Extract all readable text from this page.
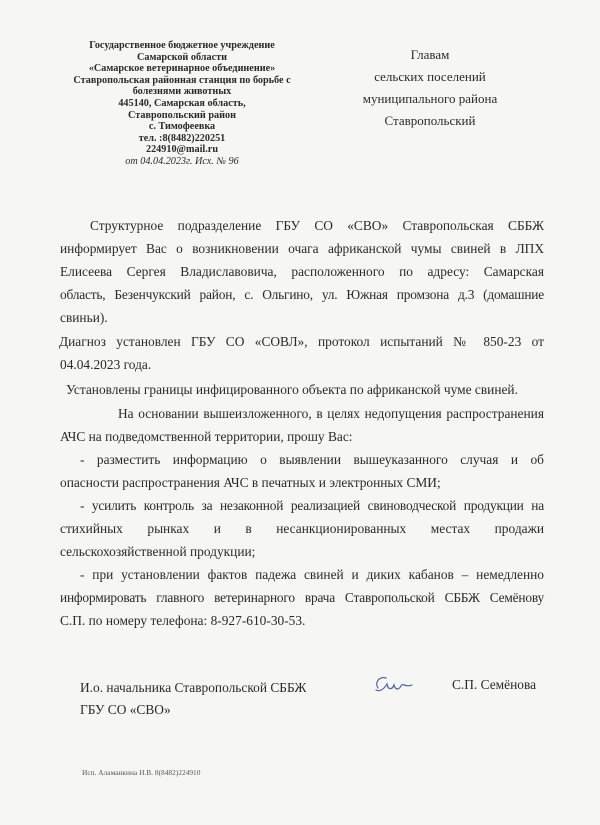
Государственное бюджетное учреждение
Самарской области
«Самарское ветеринарное объединение»
Ставропольская районная станция по борьбе с
болезнями животных
445140, Самарская область,
Ставропольский район
с. Тимофеевка
тел. :8(8482)220251
224910@mail.ru
от 04.04.2023г. Исх. № 96
Главам
сельских поселений
муниципального района
Ставропольский
Структурное подразделение ГБУ СО «СВО» Ставропольская СББЖ
информирует Вас о возникновении очага африканской чумы свиней в ЛПХ
Елисеева Сергея Владиславовича, расположенного по адресу: Самарская
область, Безенчукский район, с. Ольгино, ул. Южная промзона д.3 (домашние
свиньи).
Диагноз установлен ГБУ СО «СОВЛ», протокол испытаний № 850-23 от
04.04.2023 года.
Установлены границы инфицированного объекта по африканской чуме свиней.
На основании вышеизложенного, в целях недопущения распространения
АЧС на подведомственной территории, прошу Вас:
- разместить информацию о выявлении вышеуказанного случая и об
опасности распространения АЧС в печатных и электронных СМИ;
- усилить контроль за незаконной реализацией свиноводческой продукции на
стихийных рынках и в несанкционированных местах продажи
сельскохозяйственной продукции;
- при установлении фактов падежа свиней и диких кабанов – немедленно
информировать главного ветеринарного врача Ставропольской СББЖ Семёнову
С.П. по номеру телефона: 8-927-610-30-53.
И.о. начальника Ставропольской СББЖ
ГБУ СО «СВО»
С.П. Семёнова
Исп. Аламанкина Н.В. 8(8482)224910
